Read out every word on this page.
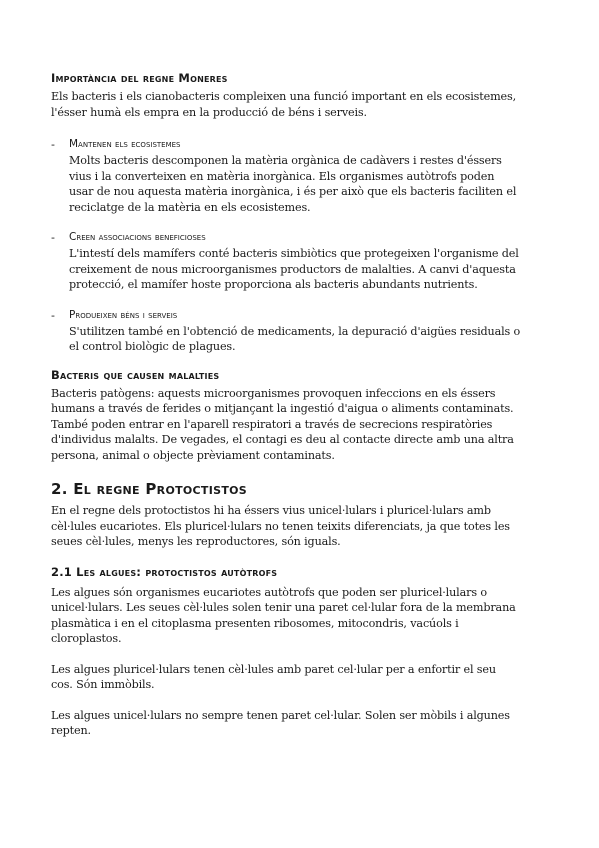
Importància del regne Moneres

Els bacteris i els cianobacteris compleixen una funció important en els ecosistemes, l'ésser humà els empra en la producció de béns i serveis.

- Mantenen els ecosistemes

Molts bacteris descomponen la matèria orgànica de cadàvers i restes d'éssers vius i la converteixen en matèria inorgànica. Els organismes autòtrofs poden usar de nou aquesta matèria inorgànica, i és per això que els bacteris faciliten el reciclatge de la matèria en els ecosistemes.

- Creen associacions beneficioses

L'intestí dels mamífers conté bacteris simbiòtics que protegeixen l'organisme del creixement de nous microorganismes productors de malalties. A canvi d'aquesta protecció, el mamífer hoste proporciona als bacteris abundants nutrients.

- Produeixen béns i serveis

S'utilitzen també en l'obtenció de medicaments, la depuració d'aigües residuals o el control biològic de plagues.

Bacteris que causen malalties

Bacteris patògens: aquests microorganismes provoquen infeccions en els éssers humans a través de ferides o mitjançant la ingestió d'aigua o aliments contaminats. També poden entrar en l'aparell respiratori a través de secrecions respiratòries d'individus malalts. De vegades, el contagi es deu al contacte directe amb una altra persona, animal o objecte prèviament contaminats.

2. El regne Protoctistos

En el regne dels protoctistos hi ha éssers vius unicel·lulars i pluricel·lulars amb cèl·lules eucariotes. Els pluricel·lulars no tenen teixits diferenciats, ja que totes les seues cèl·lules, menys les reproductores, són iguals.

2.1 Les algues: protoctistos autòtrofs

Les algues són organismes eucariotes autòtrofs que poden ser pluricel·lulars o unicel·lulars. Les seues cèl·lules solen tenir una paret cel·lular fora de la membrana plasmàtica i en el citoplasma presenten ribosomes, mitocondris, vacúols i cloroplastos.

Les algues pluricel·lulars tenen cèl·lules amb paret cel·lular per a enfortir el seu cos. Són immòbils.

Les algues unicel·lulars no sempre tenen paret cel·lular. Solen ser mòbils i algunes repten.
